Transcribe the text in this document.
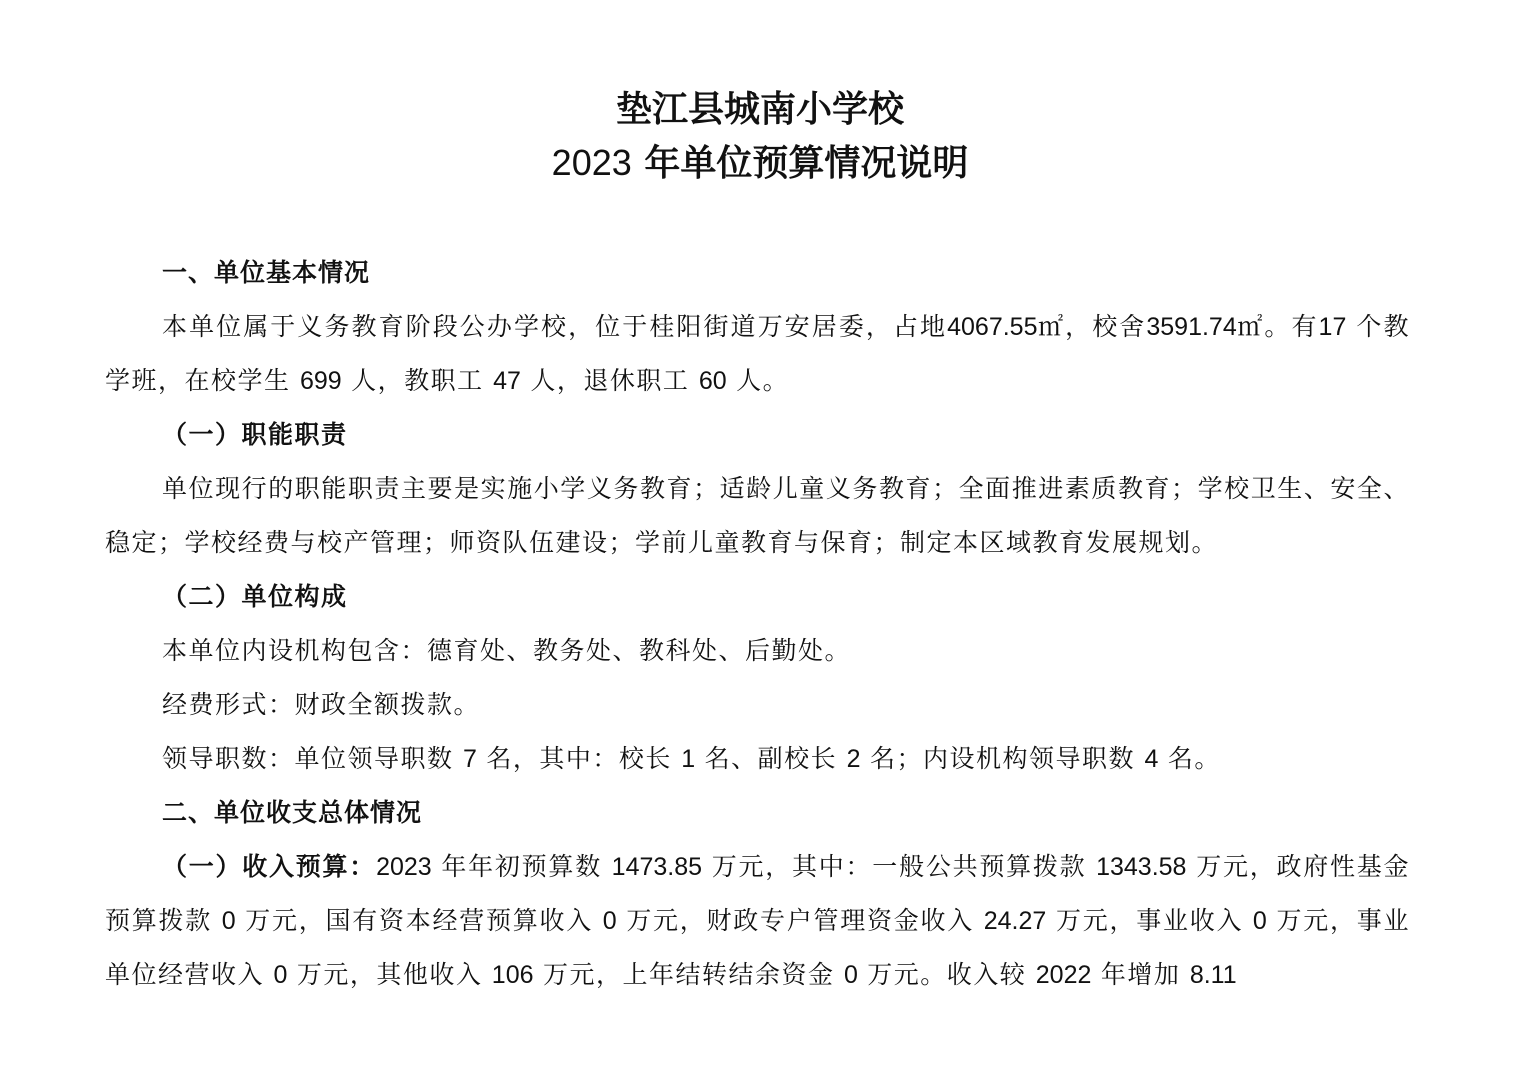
垫江县城南小学校
2023 年单位预算情况说明

一、单位基本情况

本单位属于义务教育阶段公办学校，位于桂阳街道万安居委，占地4067.55㎡，校舍3591.74㎡。有17 个教学班，在校学生 699 人，教职工 47 人，退休职工 60 人。

（一）职能职责

单位现行的职能职责主要是实施小学义务教育；适龄儿童义务教育；全面推进素质教育；学校卫生、安全、稳定；学校经费与校产管理；师资队伍建设；学前儿童教育与保育；制定本区域教育发展规划。

（二）单位构成

本单位内设机构包含：德育处、教务处、教科处、后勤处。

经费形式：财政全额拨款。

领导职数：单位领导职数 7 名，其中：校长 1 名、副校长 2 名；内设机构领导职数 4 名。

二、单位收支总体情况

（一）收入预算：2023 年年初预算数 1473.85 万元，其中：一般公共预算拨款 1343.58 万元，政府性基金预算拨款 0 万元，国有资本经营预算收入 0 万元，财政专户管理资金收入 24.27 万元，事业收入 0 万元，事业单位经营收入 0 万元，其他收入 106 万元，上年结转结余资金 0 万元。收入较 2022 年增加 8.11
